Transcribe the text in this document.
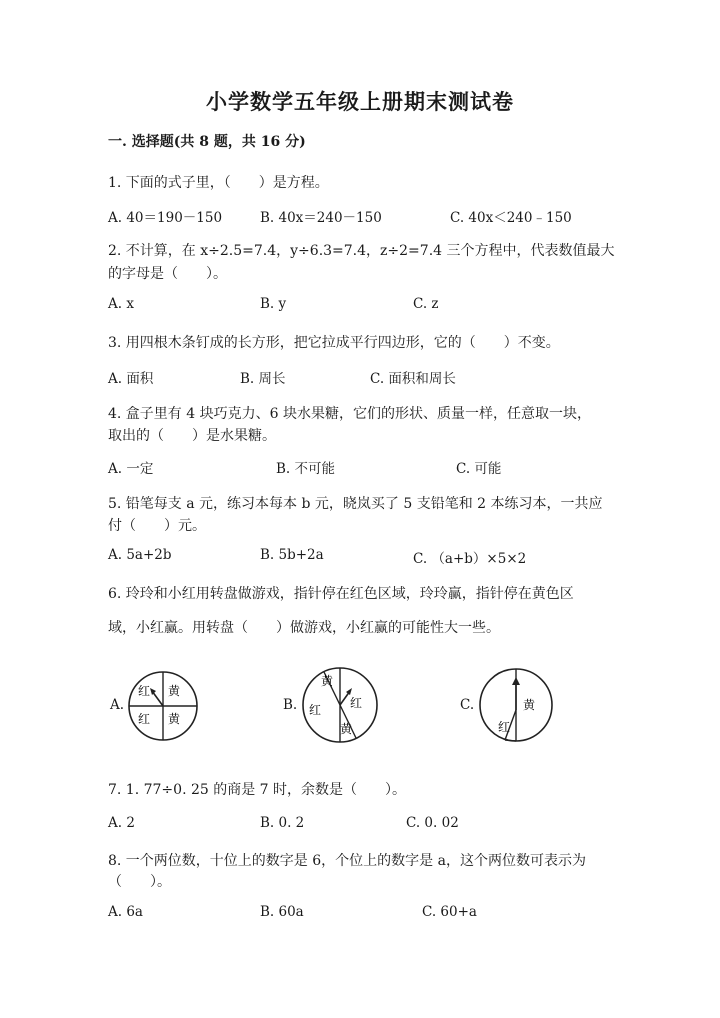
小学数学五年级上册期末测试卷
一. 选择题(共 8 题，共 16 分)
1. 下面的式子里，（　　）是方程。
A. 40＝190－150	B. 40x＝240－150	C. 40x＜240﹣150
2. 不计算，在 x÷2.5=7.4，y÷6.3=7.4，z÷2=7.4 三个方程中，代表数值最大
的字母是（　　）。
A. x	B. y	C. z
3. 用四根木条钉成的长方形，把它拉成平行四边形，它的（　　）不变。
A. 面积	B. 周长	C. 面积和周长
4. 盒子里有 4 块巧克力、6 块水果糖，它们的形状、质量一样，任意取一块，
取出的（　　）是水果糖。
A. 一定	B. 不可能	C. 可能
5. 铅笔每支 a 元，练习本每本 b 元，晓岚买了 5 支铅笔和 2 本练习本，一共应
付（　　）元。
A. 5a+2b	B. 5b+2a	C. （a+b）×5×2
6. 玲玲和小红用转盘做游戏，指针停在红色区域，玲玲赢，指针停在黄色区
域，小红赢。用转盘（　　）做游戏，小红赢的可能性大一些。
A.
红 黄
红 黄
B.
黄
红 红
黄
C.	黄
红
7. 1. 77÷0. 25 的商是 7 时，余数是（　　）。
A. 2	B. 0. 2	C. 0. 02
8. 一个两位数，十位上的数字是 6，个位上的数字是 a，这个两位数可表示为
（　　）。
A. 6a	B. 60a	C. 60+a
